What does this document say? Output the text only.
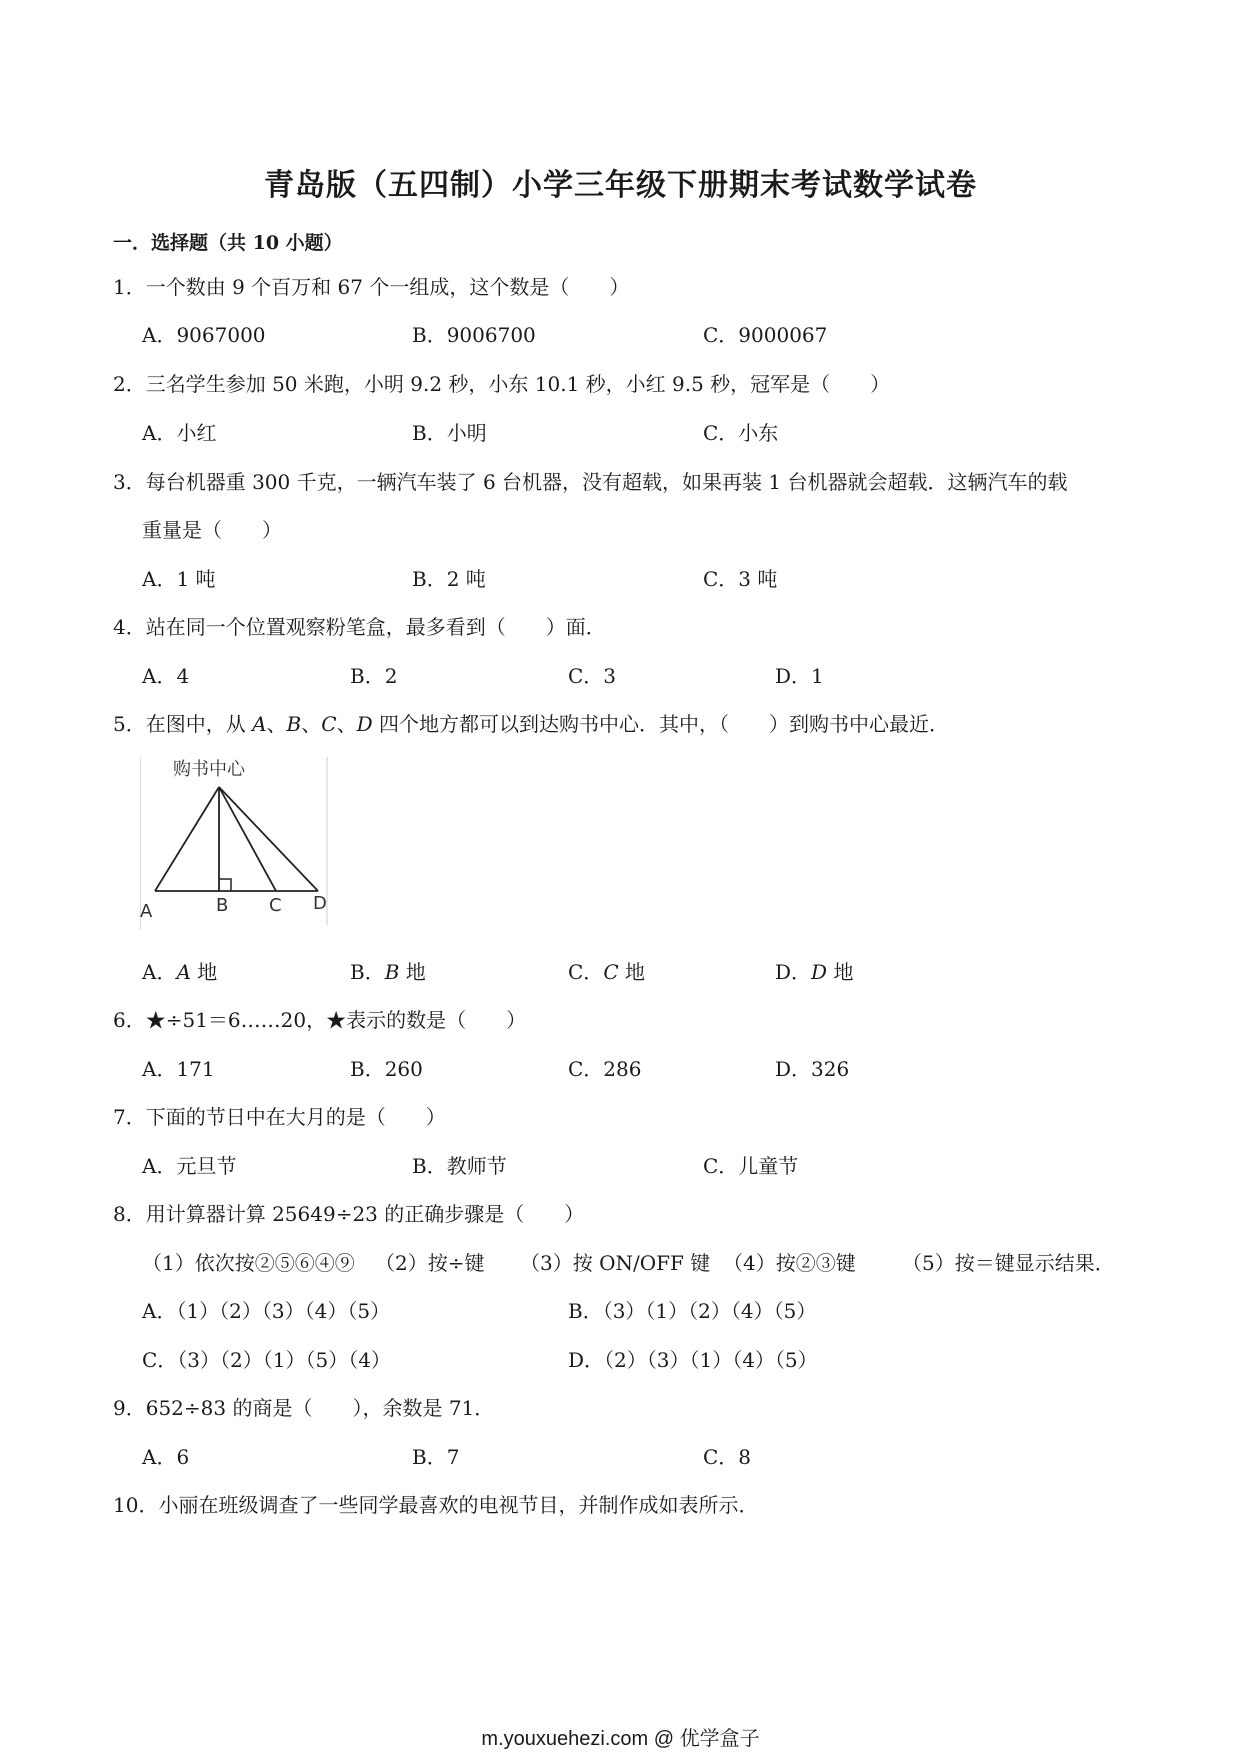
青岛版（五四制）小学三年级下册期末考试数学试卷
一．选择题（共 10 小题）
1．一个数由 9 个百万和 67 个一组成，这个数是（　　）
A．9067000	B．9006700	C．9000067
2．三名学生参加 50 米跑，小明 9.2 秒，小东 10.1 秒，小红 9.5 秒，冠军是（　　）
A．小红	B．小明	C．小东
3．每台机器重 300 千克，一辆汽车装了 6 台机器，没有超载，如果再装 1 台机器就会超载．这辆汽车的载
重量是（　　）
A．1 吨	B．2 吨	C．3 吨
4．站在同一个位置观察粉笔盒，最多看到（　　）面．
A．4	B．2	C．3	D．1
5．在图中，从 A、B、C、D 四个地方都可以到达购书中心．其中，（　　）到购书中心最近．
购书中心
A	B C D
A．A 地	B．B 地	C．C 地	D．D 地
6．★÷51＝6……20，★表示的数是（　　）
A．171	B．260	C．286	D．326
7．下面的节日中在大月的是（　　）
A．元旦节	B．教师节	C．儿童节
8．用计算器计算 25649÷23 的正确步骤是（　　）
（1）依次按②⑤⑥④⑨ （2）按÷键 （3）按 ON/OFF 键 （4）按②③键 （5）按＝键显示结果．
A．（1）（2）（3）（4）（5）	B．（3）（1）（2）（4）（5）
C．（3）（2）（1）（5）（4）	D．（2）（3）（1）（4）（5）
9．652÷83 的商是（　　），余数是 71．
A．6	B．7	C．8
10．小丽在班级调查了一些同学最喜欢的电视节目，并制作成如表所示．
m.youxuehezi.com @ 优学盒子
